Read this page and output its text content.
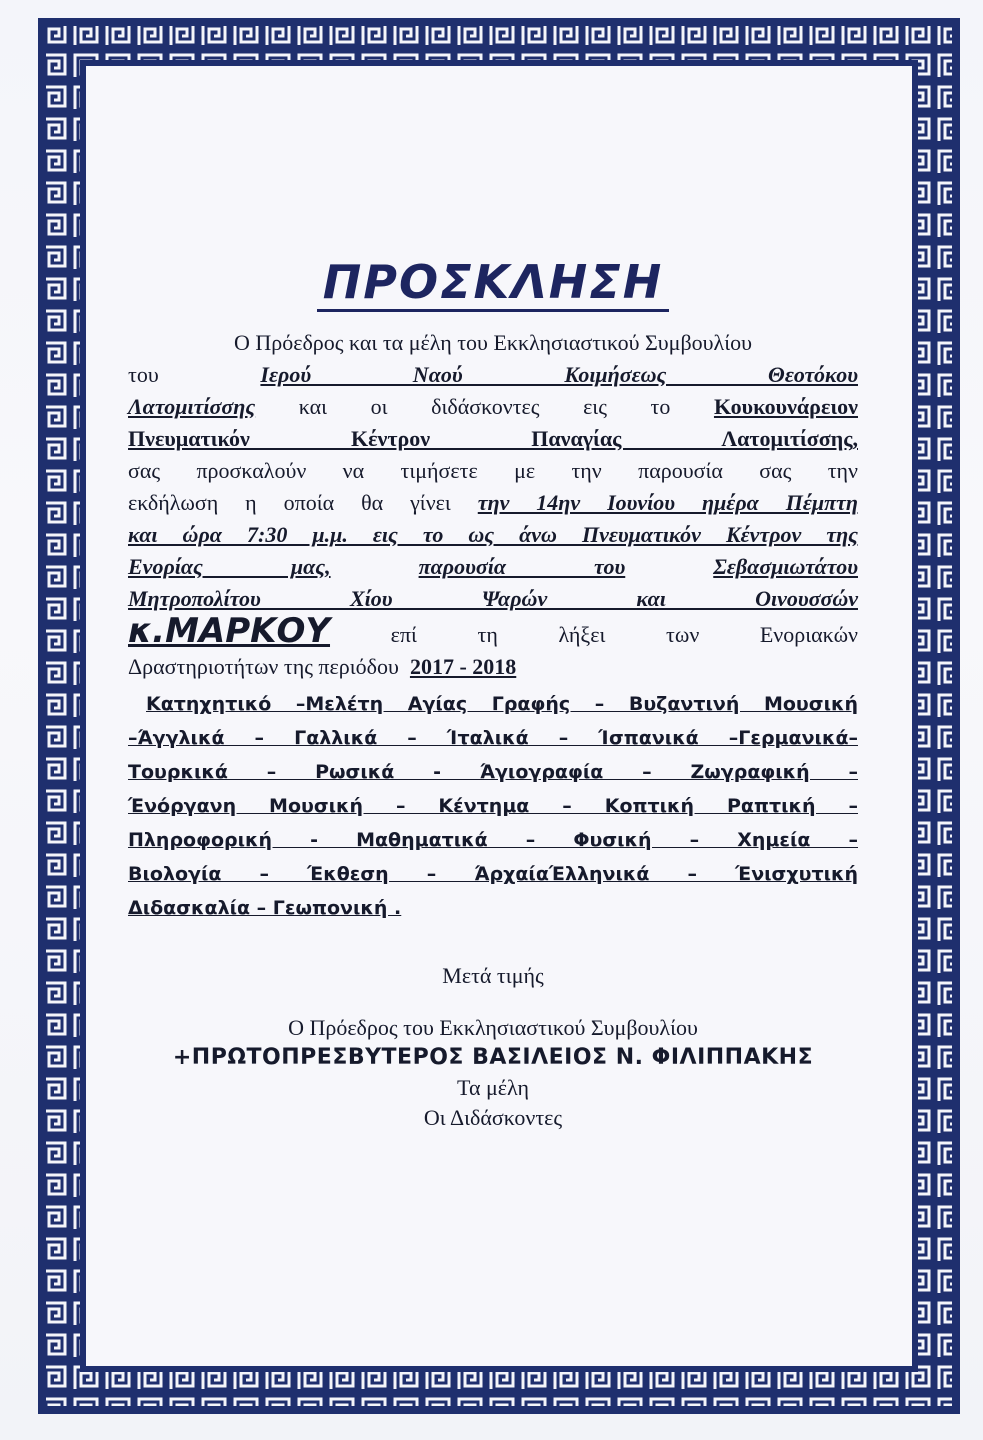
ΠΡΟΣΚΛΗΣΗ

Ο Πρόεδρος και τα μέλη του Εκκλησιαστικού Συμβουλίου

του	Ιερού Ναού Κοιμήσεως Θεοτόκου

Λατομιτίσσης και οι διδάσκοντες εις το Κουκουνάρειον

Πνευματικόν Κέντρον Παναγίας Λατομιτίσσης,

σας προσκαλούν να τιμήσετε με την παρουσία σας την

εκδήλωση η οποία θα γίνει την 14ην Ιουνίου ημέρα Πέμπτη

και ώρα 7:30 μ.μ. εις το ως άνω Πνευματικόν Κέντρον της

Ενορίας μας,	παρουσία του	Σεβασμιωτάτου

Μητροπολίτου Χίου Ψαρών και Οινουσσών

κ.ΜΑΡΚΟΥ	επί τη λήξει των Ενοριακών

Δραστηριοτήτων της περιόδου 2017 - 2018

Κατηχητικό –Μελέτη Αγίας Γραφής – Βυζαντινή Μουσική

–Άγγλικά – Γαλλικά – Ίταλικά – Ίσπανικά –Γερμανικά–

Τουρκικά – Ρωσικά - Άγιογραφία – Ζωγραφική –

Ένόργανη Μουσική – Κέντημα – Κοπτική Ραπτική –

Πληροφορική - Μαθηματικά – Φυσική – Χημεία –

Βιολογία – Έκθεση – ΆρχαίαΈλληνικά – Ένισχυτική

Διδασκαλία – Γεωπονική .

Μετά τιμής

Ο Πρόεδρος του Εκκλησιαστικού Συμβουλίου

+ΠΡΩΤΟΠΡΕΣΒΥΤΕΡΟΣ ΒΑΣΙΛΕΙΟΣ Ν. ΦΙΛΙΠΠΑΚΗΣ

Τα μέλη

Οι Διδάσκοντες
